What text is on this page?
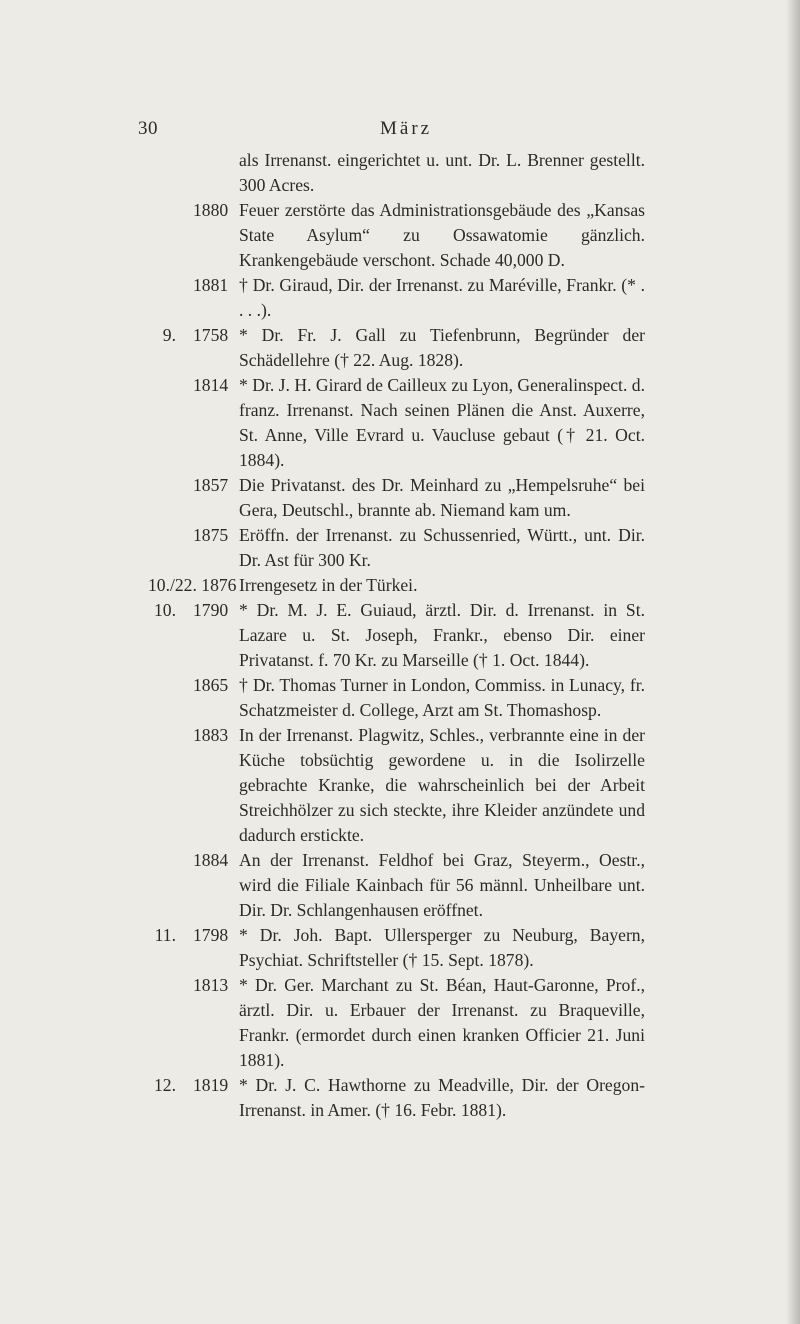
30	März
als Irrenanst. eingerichtet u. unt. Dr. L. Brenner gestellt. 300 Acres.
1880 Feuer zerstörte das Administrationsgebäude des „Kansas State Asylum“ zu Ossawatomie gänzlich. Krankengebäude verschont. Schade 40,000 D.
1881 † Dr. Giraud, Dir. der Irrenanst. zu Maréville, Frankr. (* . . . .).
9. 1758 * Dr. Fr. J. Gall zu Tiefenbrunn, Begründer der Schädellehre († 22. Aug. 1828).
1814 * Dr. J. H. Girard de Cailleux zu Lyon, Generalinspect. d. franz. Irrenanst. Nach seinen Plänen die Anst. Auxerre, St. Anne, Ville Evrard u. Vaucluse gebaut († 21. Oct. 1884).
1857 Die Privatanst. des Dr. Meinhard zu „Hempelsruhe“ bei Gera, Deutschl., brannte ab. Niemand kam um.
1875 Eröffn. der Irrenanst. zu Schussenried, Württ., unt. Dir. Dr. Ast für 300 Kr.
10./22. 1876 Irrengesetz in der Türkei.
10. 1790 * Dr. M. J. E. Guiaud, ärztl. Dir. d. Irrenanst. in St. Lazare u. St. Joseph, Frankr., ebenso Dir. einer Privatanst. f. 70 Kr. zu Marseille († 1. Oct. 1844).
1865 † Dr. Thomas Turner in London, Commiss. in Lunacy, fr. Schatzmeister d. College, Arzt am St. Thomashosp.
1883 In der Irrenanst. Plagwitz, Schles., verbrannte eine in der Küche tobsüchtig gewordene u. in die Isolirzelle gebrachte Kranke, die wahrscheinlich bei der Arbeit Streichhölzer zu sich steckte, ihre Kleider anzündete und dadurch erstickte.
1884 An der Irrenanst. Feldhof bei Graz, Steyerm., Oestr., wird die Filiale Kainbach für 56 männl. Unheilbare unt. Dir. Dr. Schlangenhausen eröffnet.
11. 1798 * Dr. Joh. Bapt. Ullersperger zu Neuburg, Bayern, Psychiat. Schriftsteller († 15. Sept. 1878).
1813 * Dr. Ger. Marchant zu St. Béan, Haut-Garonne, Prof., ärztl. Dir. u. Erbauer der Irrenanst. zu Braqueville, Frankr. (ermordet durch einen kranken Officier 21. Juni 1881).
12. 1819 * Dr. J. C. Hawthorne zu Meadville, Dir. der Oregon-Irrenanst. in Amer. († 16. Febr. 1881).
